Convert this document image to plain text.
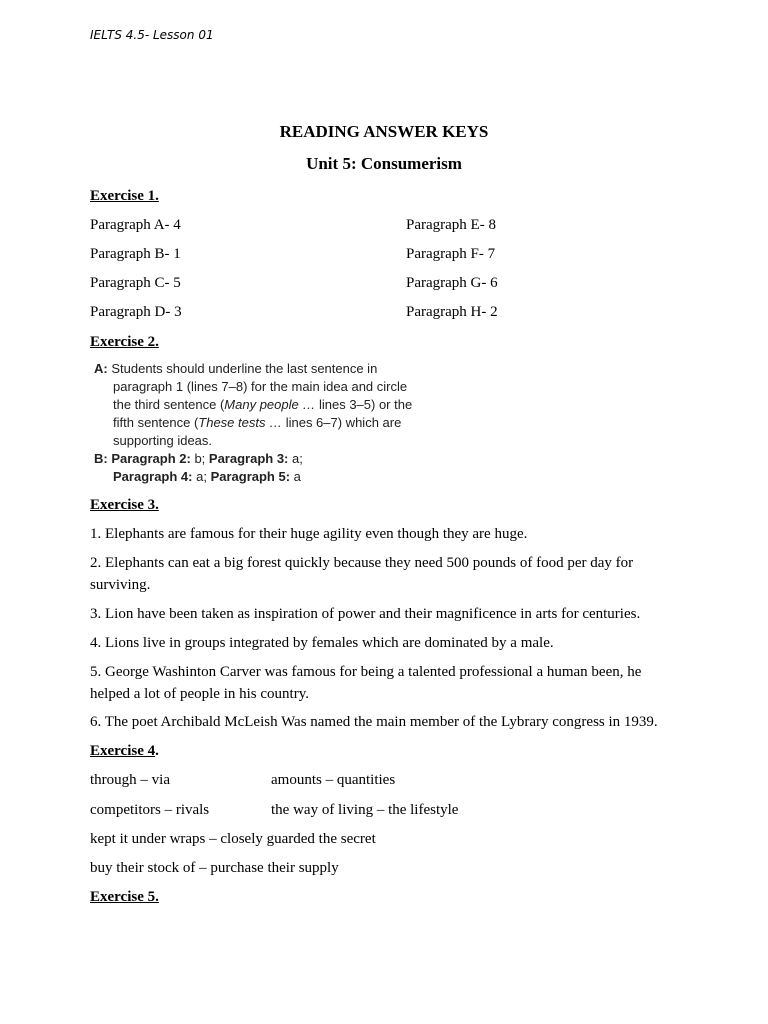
IELTS 4.5- Lesson 01
READING ANSWER KEYS
Unit 5: Consumerism
Exercise 1.
Paragraph A- 4
Paragraph B- 1
Paragraph C- 5
Paragraph D- 3
Paragraph E- 8
Paragraph F- 7
Paragraph G- 6
Paragraph H- 2
Exercise 2.
A: Students should underline the last sentence in
paragraph 1 (lines 7–8) for the main idea and circle
the third sentence (Many people … lines 3–5) or the
fifth sentence (These tests … lines 6–7) which are
supporting ideas.
B: Paragraph 2: b; Paragraph 3: a;
Paragraph 4: a; Paragraph 5: a
Exercise 3.
1. Elephants are famous for their huge agility even though they are huge.
2. Elephants can eat a big forest quickly because they need 500 pounds of food per day for surviving.
3. Lion have been taken as inspiration of power and their magnificence in arts for centuries.
4. Lions live in groups integrated by females which are dominated by a male.
5. George Washinton Carver was famous for being a talented professional a human been, he helped a lot of people in his country.
6. The poet Archibald McLeish Was named the main member of the Lybrary congress in 1939.
Exercise 4.
through – via	amounts – quantities
competitors – rivals	the way of living – the lifestyle
kept it under wraps – closely guarded the secret
buy their stock of – purchase their supply
Exercise 5.
